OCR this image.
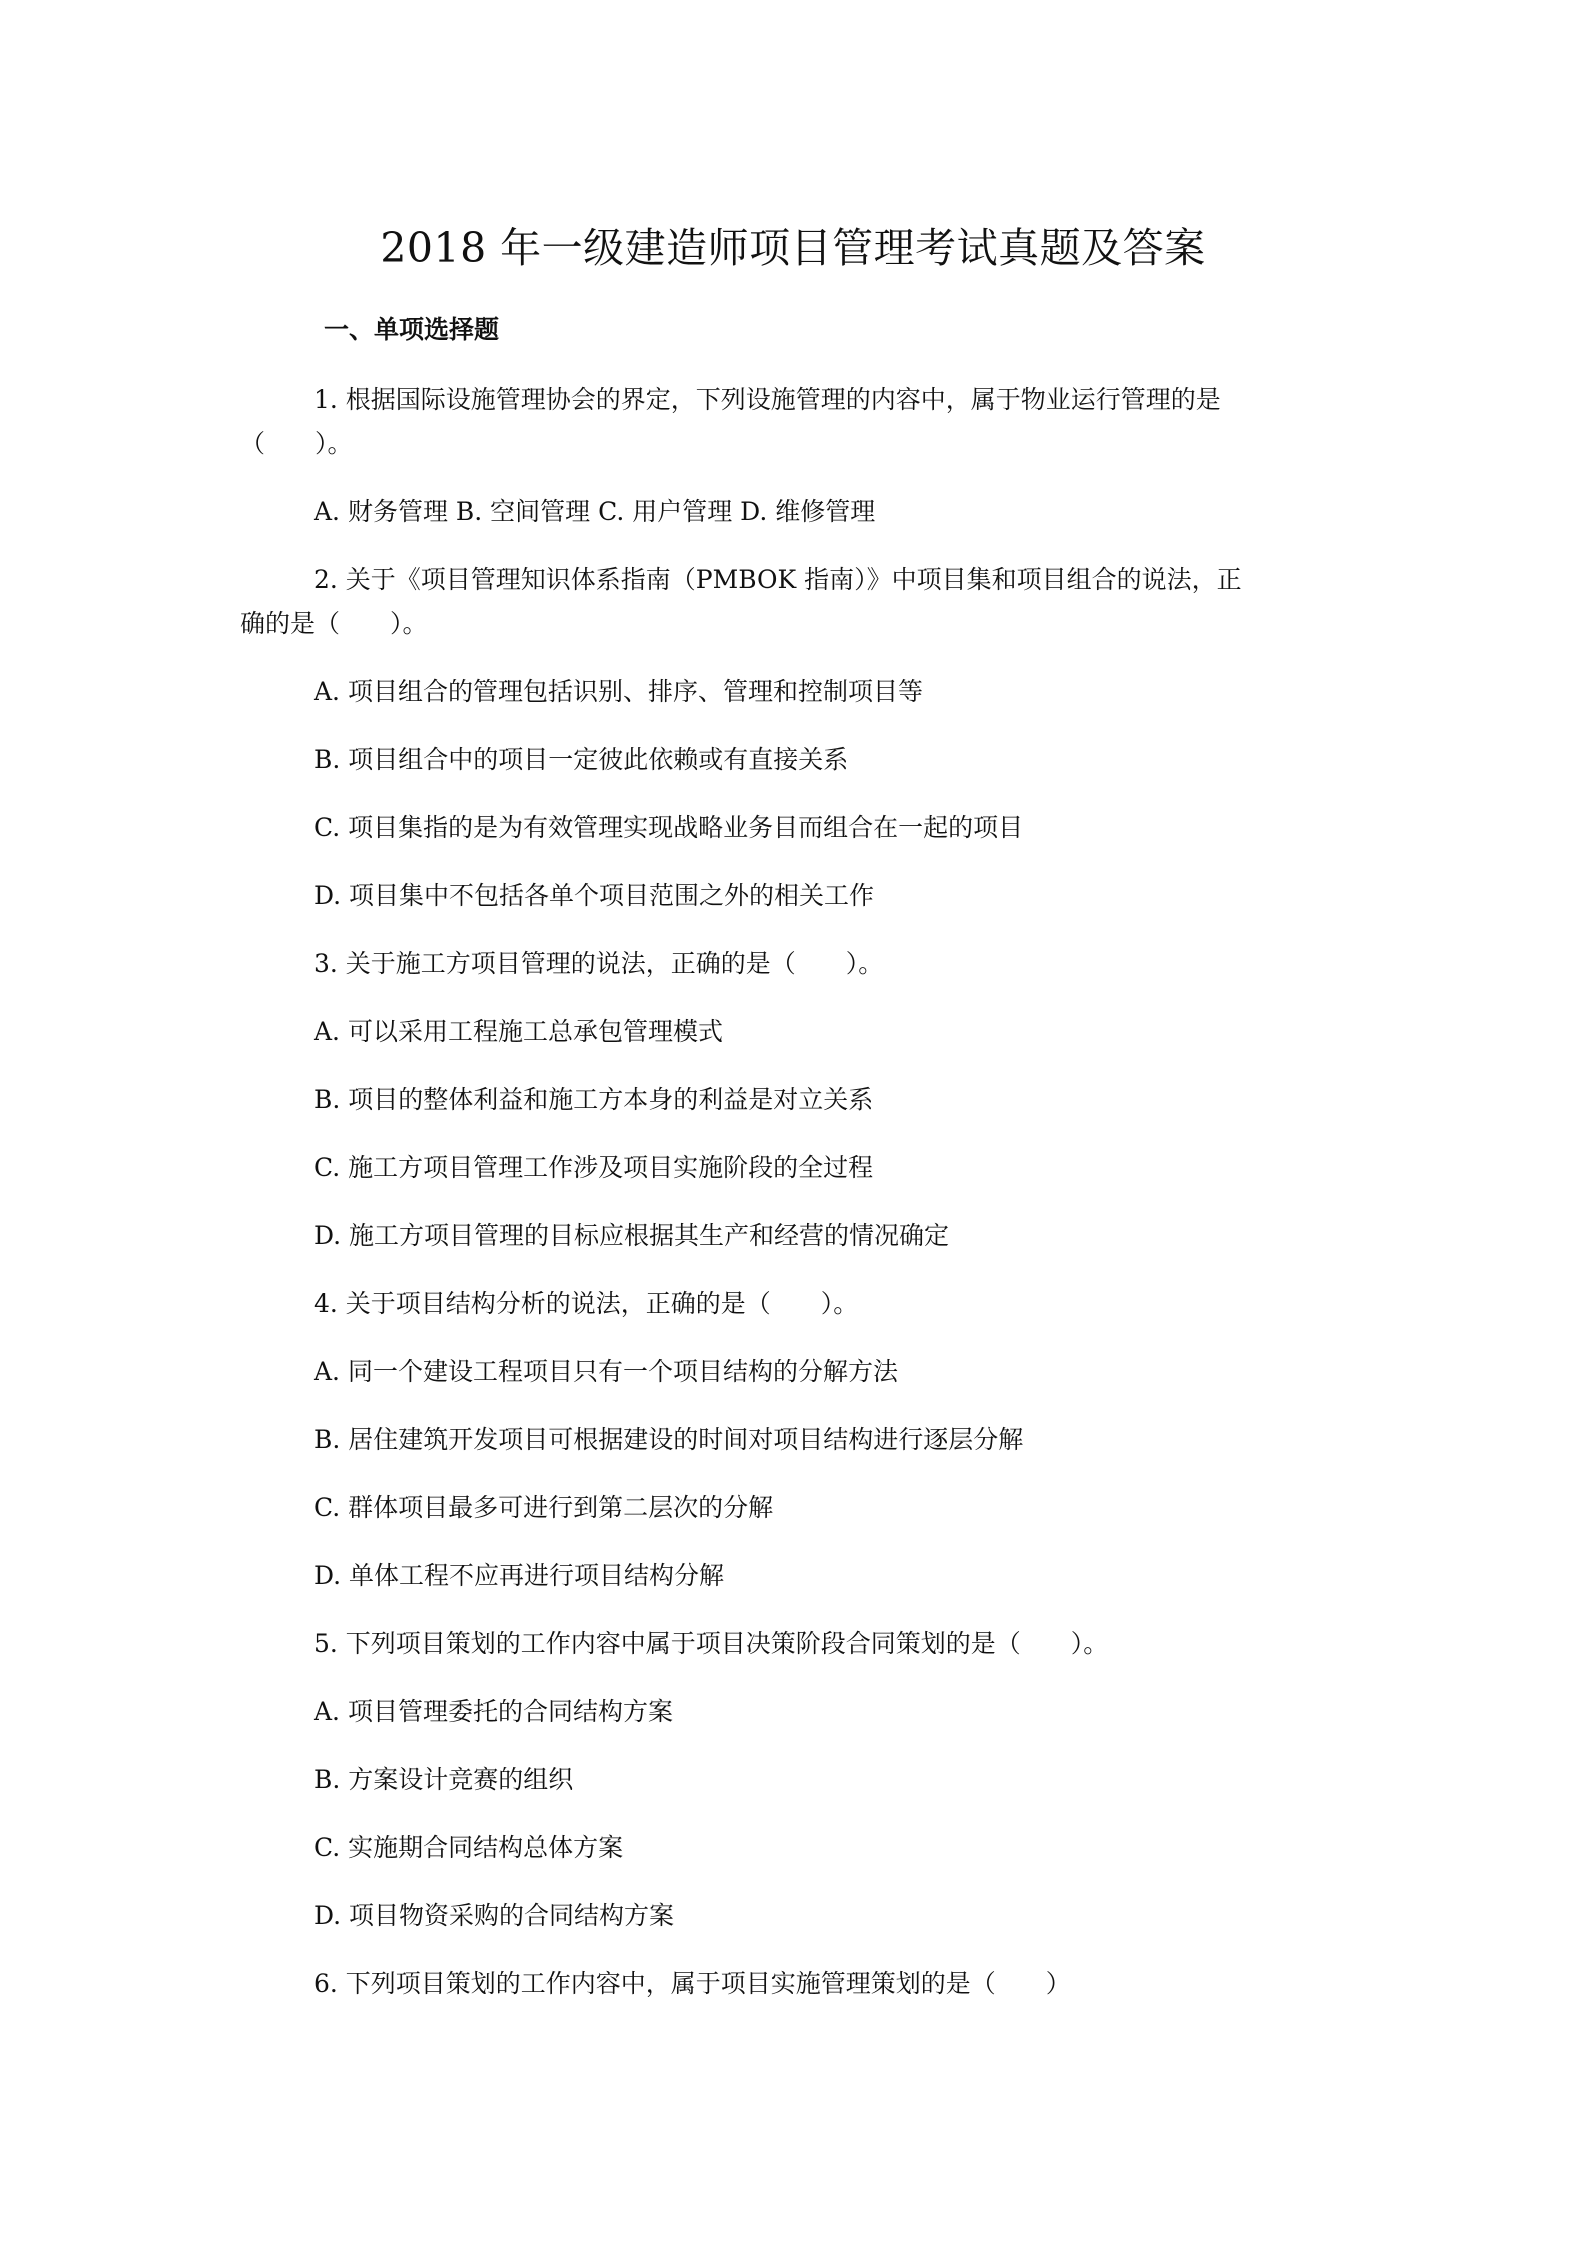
2018 年一级建造师项目管理考试真题及答案
一、单项选择题

1. 根据国际设施管理协会的界定，下列设施管理的内容中，属于物业运行管理的是

（　　）。

A. 财务管理 B. 空间管理 C. 用户管理 D. 维修管理

2. 关于《项目管理知识体系指南（PMBOK 指南）》中项目集和项目组合的说法，正

确的是（　　）。

A. 项目组合的管理包括识别、排序、管理和控制项目等

B. 项目组合中的项目一定彼此依赖或有直接关系

C. 项目集指的是为有效管理实现战略业务目而组合在一起的项目

D. 项目集中不包括各单个项目范围之外的相关工作

3. 关于施工方项目管理的说法，正确的是（　　）。

A. 可以采用工程施工总承包管理模式

B. 项目的整体利益和施工方本身的利益是对立关系

C. 施工方项目管理工作涉及项目实施阶段的全过程

D. 施工方项目管理的目标应根据其生产和经营的情况确定

4. 关于项目结构分析的说法，正确的是（　　）。

A. 同一个建设工程项目只有一个项目结构的分解方法

B. 居住建筑开发项目可根据建设的时间对项目结构进行逐层分解

C. 群体项目最多可进行到第二层次的分解

D. 单体工程不应再进行项目结构分解

5. 下列项目策划的工作内容中属于项目决策阶段合同策划的是（　　）。

A. 项目管理委托的合同结构方案

B. 方案设计竞赛的组织

C. 实施期合同结构总体方案

D. 项目物资采购的合同结构方案

6. 下列项目策划的工作内容中，属于项目实施管理策划的是（　　）
